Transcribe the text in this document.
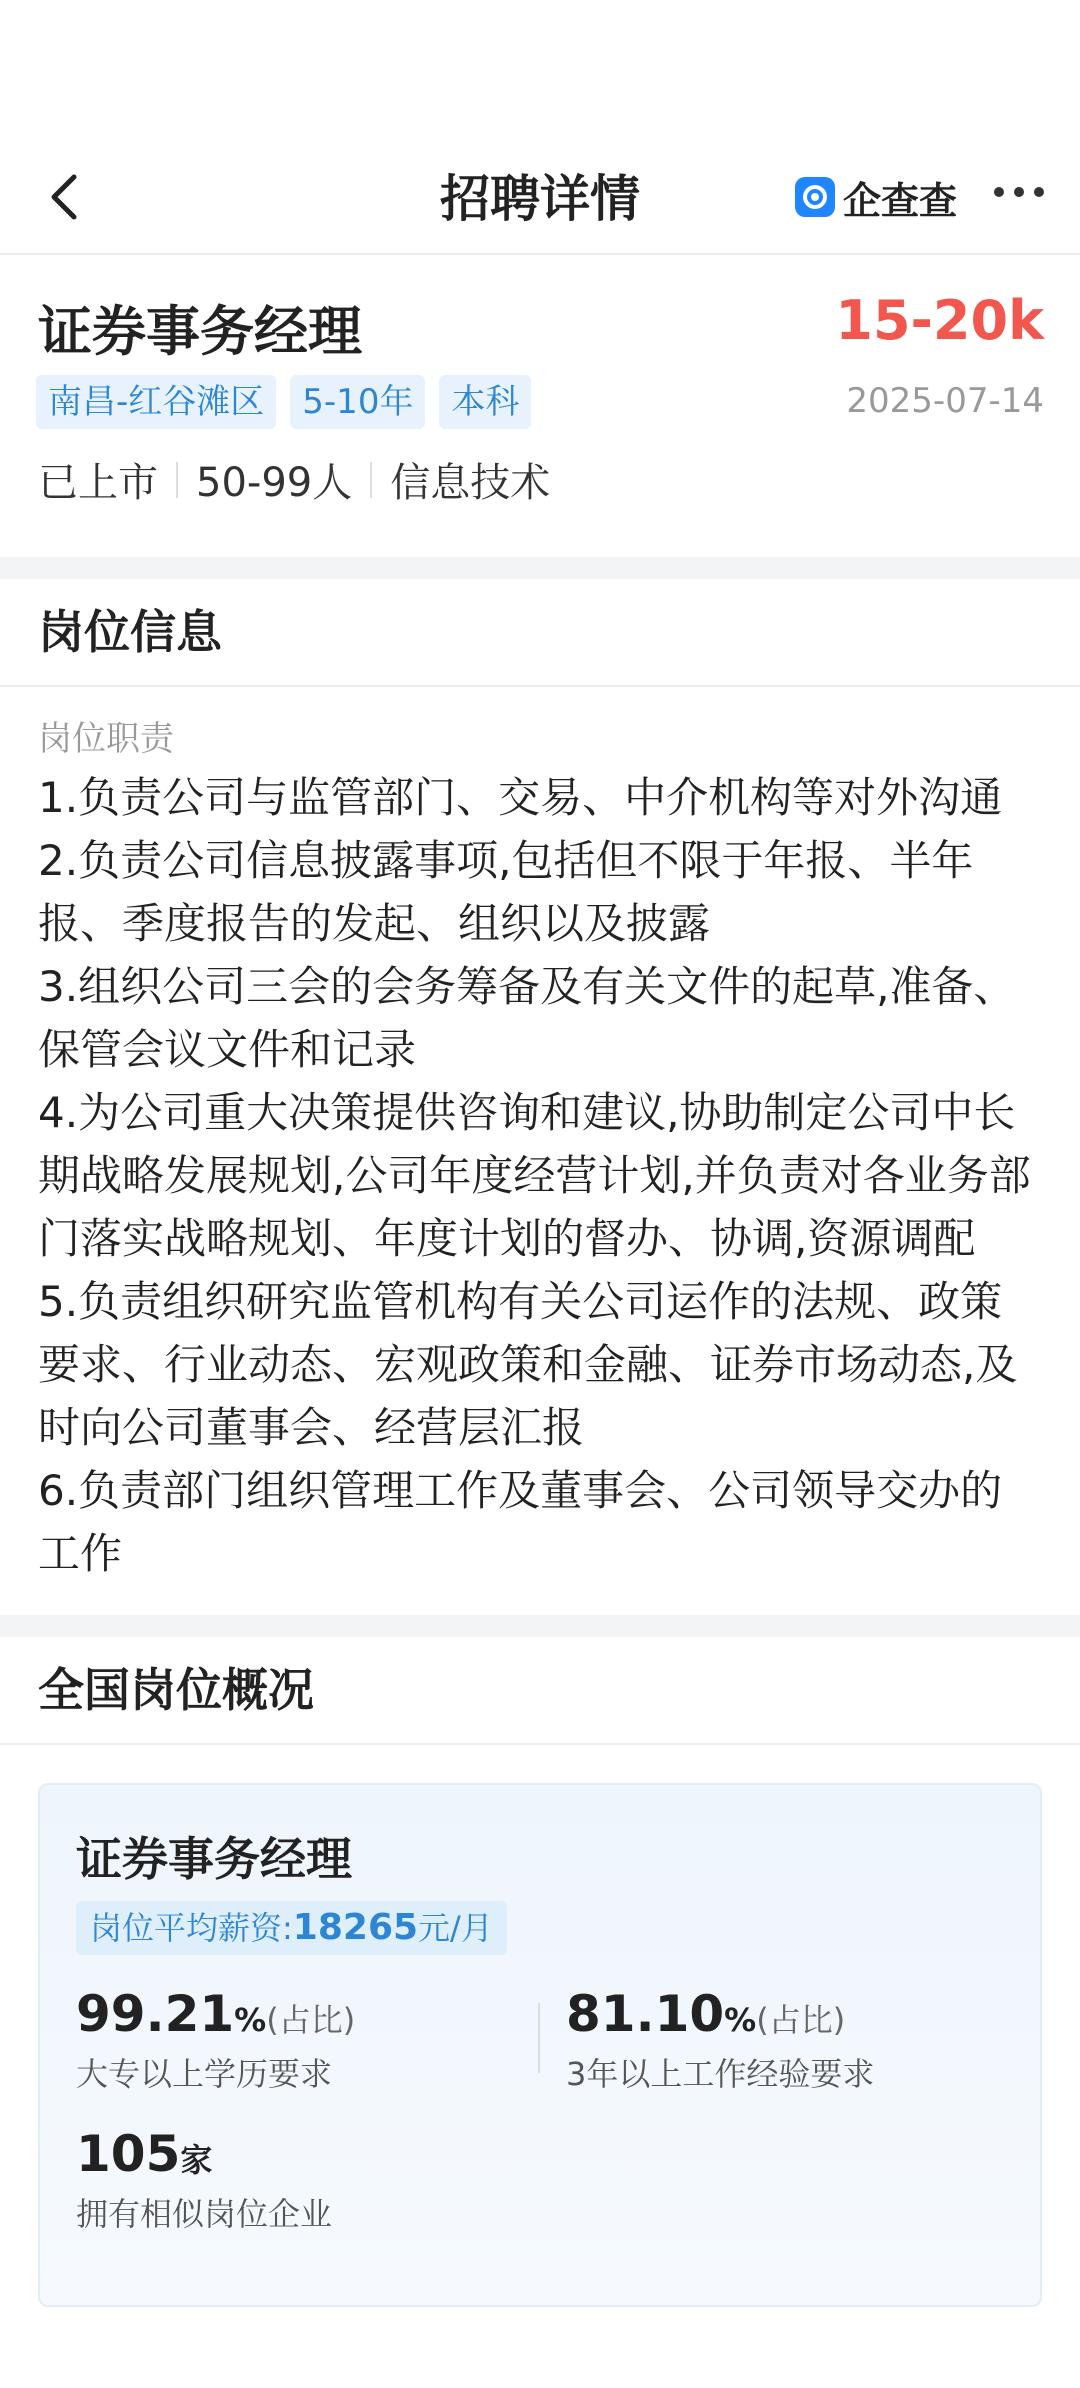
招聘详情	企查查
证券事务经理	15-20k
南昌-红谷滩区	5-10年	本科	2025-07-14
已上市 50-99人 信息技术
岗位信息
岗位职责
1.负责公司与监管部门、交易、中介机构等对外沟通
2.负责公司信息披露事项,包括但不限于年报、半年报、季度报告的发起、组织以及披露
3.组织公司三会的会务筹备及有关文件的起草,准备、保管会议文件和记录
4.为公司重大决策提供咨询和建议,协助制定公司中长期战略发展规划,公司年度经营计划,并负责对各业务部门落实战略规划、年度计划的督办、协调,资源调配
5.负责组织研究监管机构有关公司运作的法规、政策要求、行业动态、宏观政策和金融、证券市场动态,及时向公司董事会、经营层汇报
6.负责部门组织管理工作及董事会、公司领导交办的工作
全国岗位概况
证券事务经理
岗位平均薪资:18265元/月
99.21%(占比)
大专以上学历要求
81.10%(占比)
3年以上工作经验要求
105家
拥有相似岗位企业
